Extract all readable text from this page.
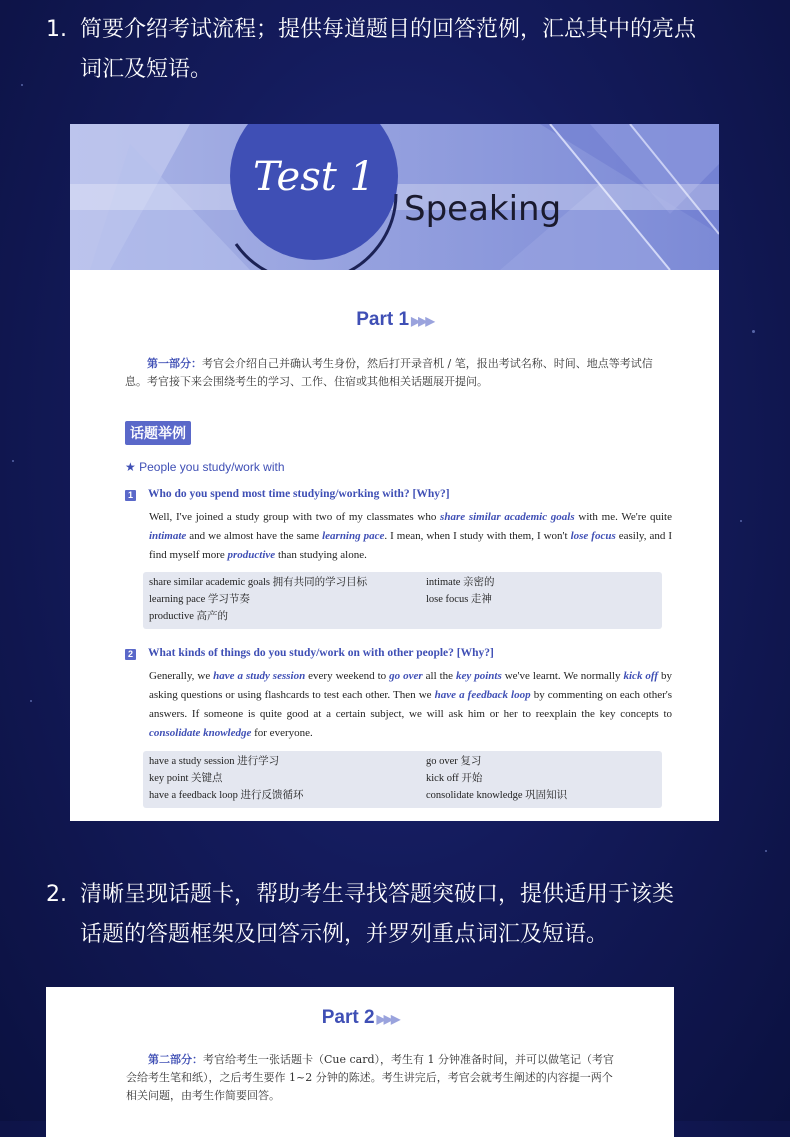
1. 简要介绍考试流程；提供每道题目的回答范例，汇总其中的亮点
词汇及短语。
Test 1
Speaking
Part 1 ▶▶▶
第一部分：考官会介绍自己并确认考生身份，然后打开录音机 / 笔，报出考试名称、时间、地点等考试信息。考官接下来会围绕考生的学习、工作、住宿或其他相关话题展开提问。
话题举例
★ People you study/work with
1 Who do you spend most time studying/working with? [Why?]
Well, I've joined a study group with two of my classmates who share similar academic goals with me. We're quite intimate and we almost have the same learning pace. I mean, when I study with them, I won't lose focus easily, and I find myself more productive than studying alone.
share similar academic goals 拥有共同的学习目标	intimate 亲密的
learning pace 学习节奏	lose focus 走神
productive 高产的
2 What kinds of things do you study/work on with other people? [Why?]
Generally, we have a study session every weekend to go over all the key points we've learnt. We normally kick off by asking questions or using flashcards to test each other. Then we have a feedback loop by commenting on each other's answers. If someone is quite good at a certain subject, we will ask him or her to reexplain the key concepts to consolidate knowledge for everyone.
have a study session 进行学习	go over 复习
key point 关键点	kick off 开始
have a feedback loop 进行反馈循环	consolidate knowledge 巩固知识
2. 清晰呈现话题卡，帮助考生寻找答题突破口，提供适用于该类
话题的答题框架及回答示例，并罗列重点词汇及短语。
Part 2 ▶▶▶
第二部分：考官给考生一张话题卡（Cue card），考生有 1 分钟准备时间，并可以做笔记（考官会给考生笔和纸），之后考生要作 1~2 分钟的陈述。考生讲完后，考官会就考生阐述的内容提一两个相关问题，由考生作简要回答。
